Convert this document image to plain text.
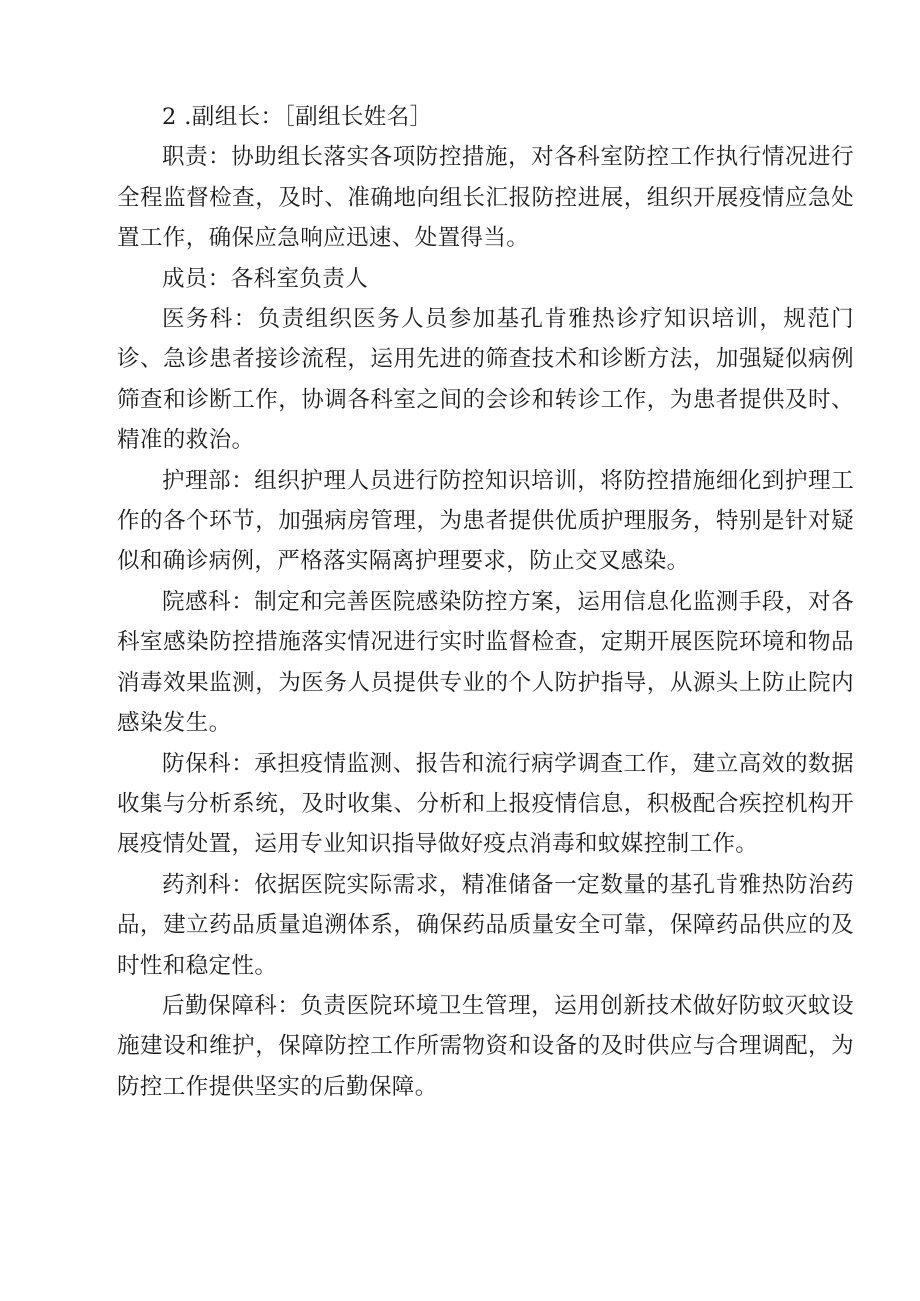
2 .副组长：［副组长姓名］

职责：协助组长落实各项防控措施，对各科室防控工作执行情况进行全程监督检查，及时、准确地向组长汇报防控进展，组织开展疫情应急处置工作，确保应急响应迅速、处置得当。

成员：各科室负责人

医务科：负责组织医务人员参加基孔肯雅热诊疗知识培训，规范门诊、急诊患者接诊流程，运用先进的筛查技术和诊断方法，加强疑似病例筛查和诊断工作，协调各科室之间的会诊和转诊工作，为患者提供及时、精准的救治。

护理部：组织护理人员进行防控知识培训，将防控措施细化到护理工作的各个环节，加强病房管理，为患者提供优质护理服务，特别是针对疑似和确诊病例，严格落实隔离护理要求，防止交叉感染。

院感科：制定和完善医院感染防控方案，运用信息化监测手段，对各科室感染防控措施落实情况进行实时监督检查，定期开展医院环境和物品消毒效果监测，为医务人员提供专业的个人防护指导，从源头上防止院内感染发生。

防保科：承担疫情监测、报告和流行病学调查工作，建立高效的数据收集与分析系统，及时收集、分析和上报疫情信息，积极配合疾控机构开展疫情处置，运用专业知识指导做好疫点消毒和蚊媒控制工作。

药剂科：依据医院实际需求，精准储备一定数量的基孔肯雅热防治药品，建立药品质量追溯体系，确保药品质量安全可靠，保障药品供应的及时性和稳定性。

后勤保障科：负责医院环境卫生管理，运用创新技术做好防蚊灭蚊设施建设和维护，保障防控工作所需物资和设备的及时供应与合理调配，为防控工作提供坚实的后勤保障。
